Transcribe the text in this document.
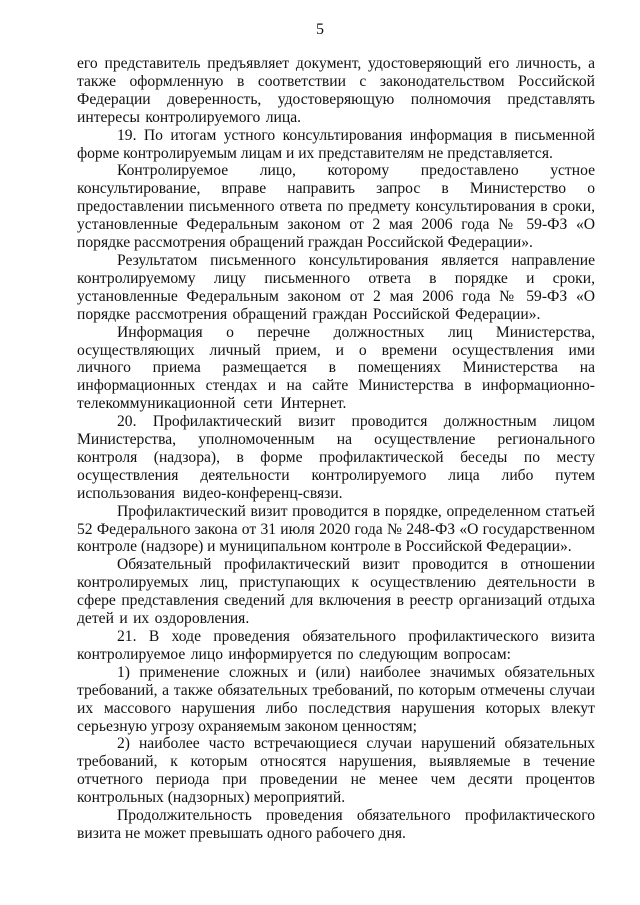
5

его представитель предъявляет документ, удостоверяющий его личность, а также оформленную в соответствии с законодательством Российской Федерации доверенность, удостоверяющую полномочия представлять интересы контролируемого лица.

19. По итогам устного консультирования информация в письменной форме контролируемым лицам и их представителям не представляется.

Контролируемое лицо, которому предоставлено устное консультирование, вправе направить запрос в Министерство о предоставлении письменного ответа по предмету консультирования в сроки, установленные Федеральным законом от 2 мая 2006 года № 59-ФЗ «О порядке рассмотрения обращений граждан Российской Федерации».

Результатом письменного консультирования является направление контролируемому лицу письменного ответа в порядке и сроки, установленные Федеральным законом от 2 мая 2006 года № 59-ФЗ «О порядке рассмотрения обращений граждан Российской Федерации».

Информация о перечне должностных лиц Министерства, осуществляющих личный прием, и о времени осуществления ими личного приема размещается в помещениях Министерства на информационных стендах и на сайте Министерства в информационно-телекоммуникационной сети Интернет.

20. Профилактический визит проводится должностным лицом Министерства, уполномоченным на осуществление регионального контроля (надзора), в форме профилактической беседы по месту осуществления деятельности контролируемого лица либо путем использования видео-конференц-связи.

Профилактический визит проводится в порядке, определенном статьей 52 Федерального закона от 31 июля 2020 года № 248-ФЗ «О государственном контроле (надзоре) и муниципальном контроле в Российской Федерации».

Обязательный профилактический визит проводится в отношении контролируемых лиц, приступающих к осуществлению деятельности в сфере представления сведений для включения в реестр организаций отдыха детей и их оздоровления.

21. В ходе проведения обязательного профилактического визита контролируемое лицо информируется по следующим вопросам:

1) применение сложных и (или) наиболее значимых обязательных требований, а также обязательных требований, по которым отмечены случаи их массового нарушения либо последствия нарушения которых влекут серьезную угрозу охраняемым законом ценностям;

2) наиболее часто встречающиеся случаи нарушений обязательных требований, к которым относятся нарушения, выявляемые в течение отчетного периода при проведении не менее чем десяти процентов контрольных (надзорных) мероприятий.

Продолжительность проведения обязательного профилактического визита не может превышать одного рабочего дня.
